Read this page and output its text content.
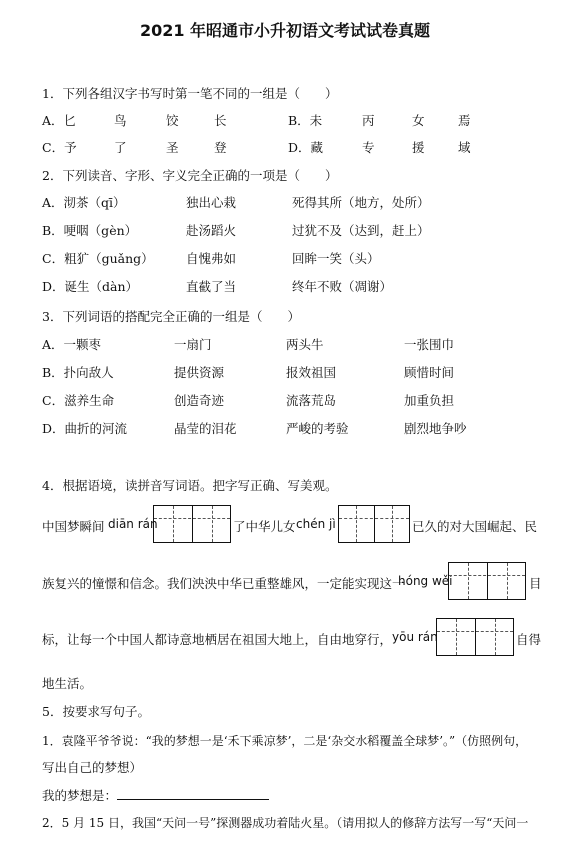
2021 年昭通市小升初语文考试试卷真题
1．下列各组汉字书写时第一笔不同的一组是（　　）
A．匕	鸟	饺	长	B．未	丙	女	焉
C．予	了	圣	登	D．藏	专	援	域
2．下列读音、字形、字义完全正确的一项是（　　）
A．沏茶（qī）	独出心栽	死得其所（地方，处所）
B．哽咽（gèn）	赴汤蹈火	过犹不及（达到，赶上）
C．粗犷（guǎng）	自愧弗如	回眸一笑（头）
D．诞生（dàn）	直截了当	终年不败（凋谢）
3．下列词语的搭配完全正确的一组是（　　）
A．一颗枣	一扇门	两头牛	一张围巾
B．扑向敌人	提供资源	报效祖国	顾惜时间
C．滋养生命	创造奇迹	流落荒岛	加重负担
D．曲折的河流	晶莹的泪花	严峻的考验	剧烈地争吵
4．根据语境，读拼音写词语。把字写正确、写美观。
中国梦瞬间 diān rán	了中华儿女 chén jì	已久的对大国崛起、民
族复兴的憧憬和信念。我们泱泱中华已重整雄风，一定能实现这一
hóng wěi	目
标，让每一个中国人都诗意地栖居在祖国大地上，自由地穿行， yōu rán	自得
地生活。
5．按要求写句子。
1．袁隆平爷爷说：“我的梦想一是‘禾下乘凉梦’，二是‘杂交水稻覆盖全球梦’。”（仿照例句，
写出自己的梦想）
我的梦想是：
2．5 月 15 日，我国“天问一号”探测器成功着陆火星。（请用拟人的修辞方法写一写“天问一
